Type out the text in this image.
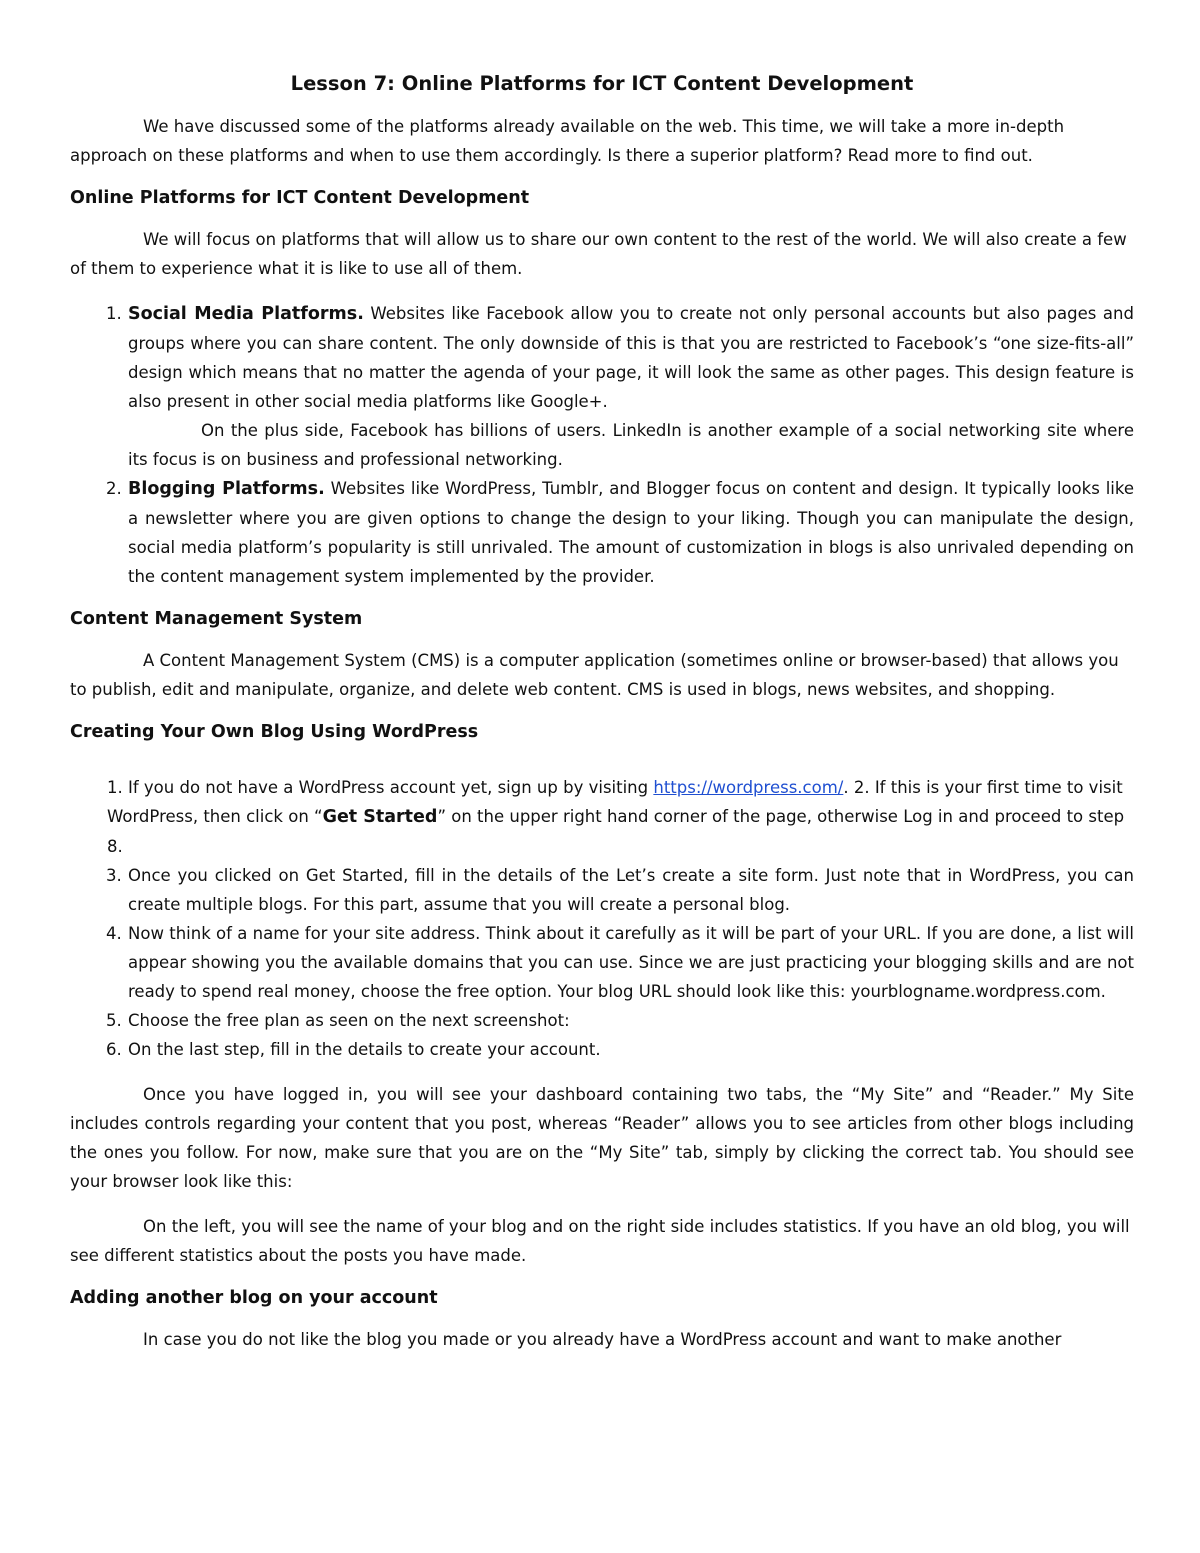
Lesson 7: Online Platforms for ICT Content Development

We have discussed some of the platforms already available on the web. This time, we will take a more in-depth approach on these platforms and when to use them accordingly. Is there a superior platform? Read more to find out.

Online Platforms for ICT Content Development

We will focus on platforms that will allow us to share our own content to the rest of the world. We will also create a few of them to experience what it is like to use all of them.

1. Social Media Platforms. Websites like Facebook allow you to create not only personal accounts but also pages and groups where you can share content. The only downside of this is that you are restricted to Facebook’s “one size-fits-all” design which means that no matter the agenda of your page, it will look the same as other pages. This design feature is also present in other social media platforms like Google+.

On the plus side, Facebook has billions of users. LinkedIn is another example of a social networking site where its focus is on business and professional networking.

2. Blogging Platforms. Websites like WordPress, Tumblr, and Blogger focus on content and design. It typically looks like a newsletter where you are given options to change the design to your liking. Though you can manipulate the design, social media platform’s popularity is still unrivaled. The amount of customization in blogs is also unrivaled depending on the content management system implemented by the provider.
Content Management System

A Content Management System (CMS) is a computer application (sometimes online or browser-based) that allows you to publish, edit and manipulate, organize, and delete web content. CMS is used in blogs, news websites, and shopping.

Creating Your Own Blog Using WordPress

1. If you do not have a WordPress account yet, sign up by visiting https://wordpress.com/. 2. If this is your first time to visit WordPress, then click on “Get Started” on the upper right hand corner of the page, otherwise Log in and proceed to step 8.

3. Once you clicked on Get Started, fill in the details of the Let’s create a site form. Just note that in WordPress, you can create multiple blogs. For this part, assume that you will create a personal blog.
4. Now think of a name for your site address. Think about it carefully as it will be part of your URL. If you are done, a list will appear showing you the available domains that you can use. Since we are just practicing your blogging skills and are not ready to spend real money, choose the free option. Your blog URL should look like this: yourblogname.wordpress.com.
5. Choose the free plan as seen on the next screenshot:
6. On the last step, fill in the details to create your account.

Once you have logged in, you will see your dashboard containing two tabs, the “My Site” and “Reader.” My Site includes controls regarding your content that you post, whereas “Reader” allows you to see articles from other blogs including the ones you follow. For now, make sure that you are on the “My Site” tab, simply by clicking the correct tab. You should see your browser look like this:

On the left, you will see the name of your blog and on the right side includes statistics. If you have an old blog, you will see different statistics about the posts you have made.

Adding another blog on your account

In case you do not like the blog you made or you already have a WordPress account and want to make another
